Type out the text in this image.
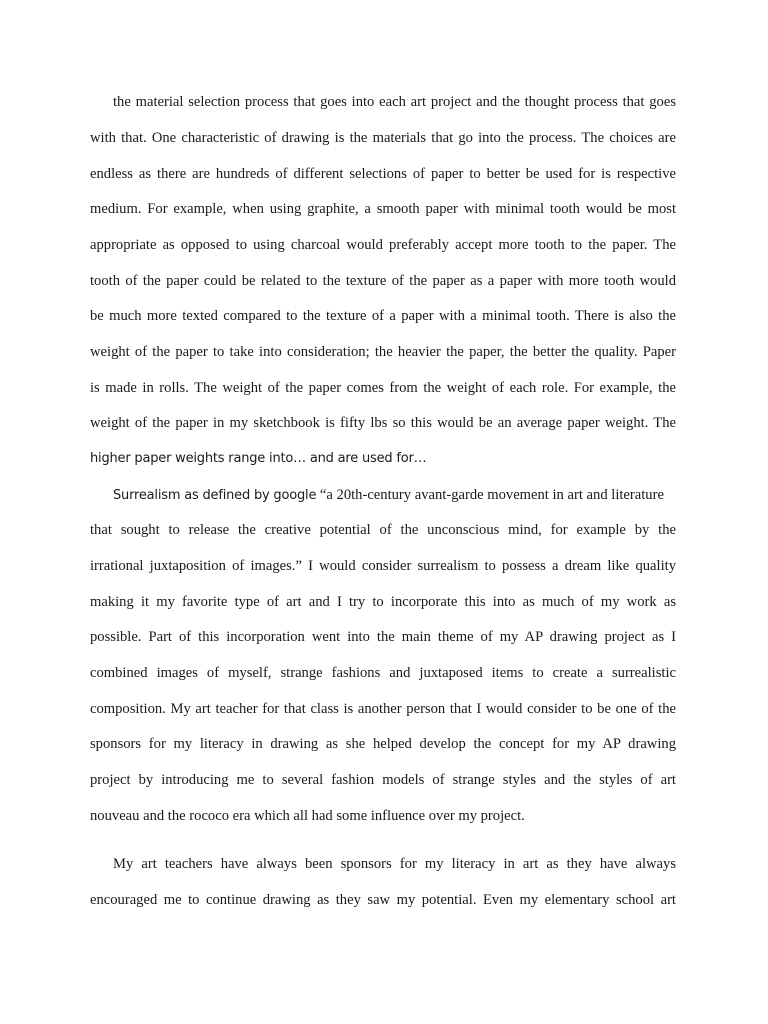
the material selection process that goes into each art project and the thought process that goes
with that. One characteristic of drawing is the materials that go into the process. The choices are
endless as there are hundreds of different selections of paper to better be used for is respective
medium. For example, when using graphite, a smooth paper with minimal tooth would be most
appropriate as opposed to using charcoal would preferably accept more tooth to the paper. The
tooth of the paper could be related to the texture of the paper as a paper with more tooth would
be much more texted compared to the texture of a paper with a minimal tooth. There is also the
weight of the paper to take into consideration; the heavier the paper, the better the quality. Paper
is made in rolls. The weight of the paper comes from the weight of each role. For example, the
weight of the paper in my sketchbook is fifty lbs so this would be an average paper weight. The
higher paper weights range into… and are used for…
Surrealism as defined by google “a 20th-century avant-garde movement in art and literature
that sought to release the creative potential of the unconscious mind, for example by the
irrational juxtaposition of images.” I would consider surrealism to possess a dream like quality
making it my favorite type of art and I try to incorporate this into as much of my work as
possible. Part of this incorporation went into the main theme of my AP drawing project as I
combined images of myself, strange fashions and juxtaposed items to create a surrealistic
composition. My art teacher for that class is another person that I would consider to be one of the
sponsors for my literacy in drawing as she helped develop the concept for my AP drawing
project by introducing me to several fashion models of strange styles and the styles of art
nouveau and the rococo era which all had some influence over my project.
My art teachers have always been sponsors for my literacy in art as they have always
encouraged me to continue drawing as they saw my potential. Even my elementary school art
